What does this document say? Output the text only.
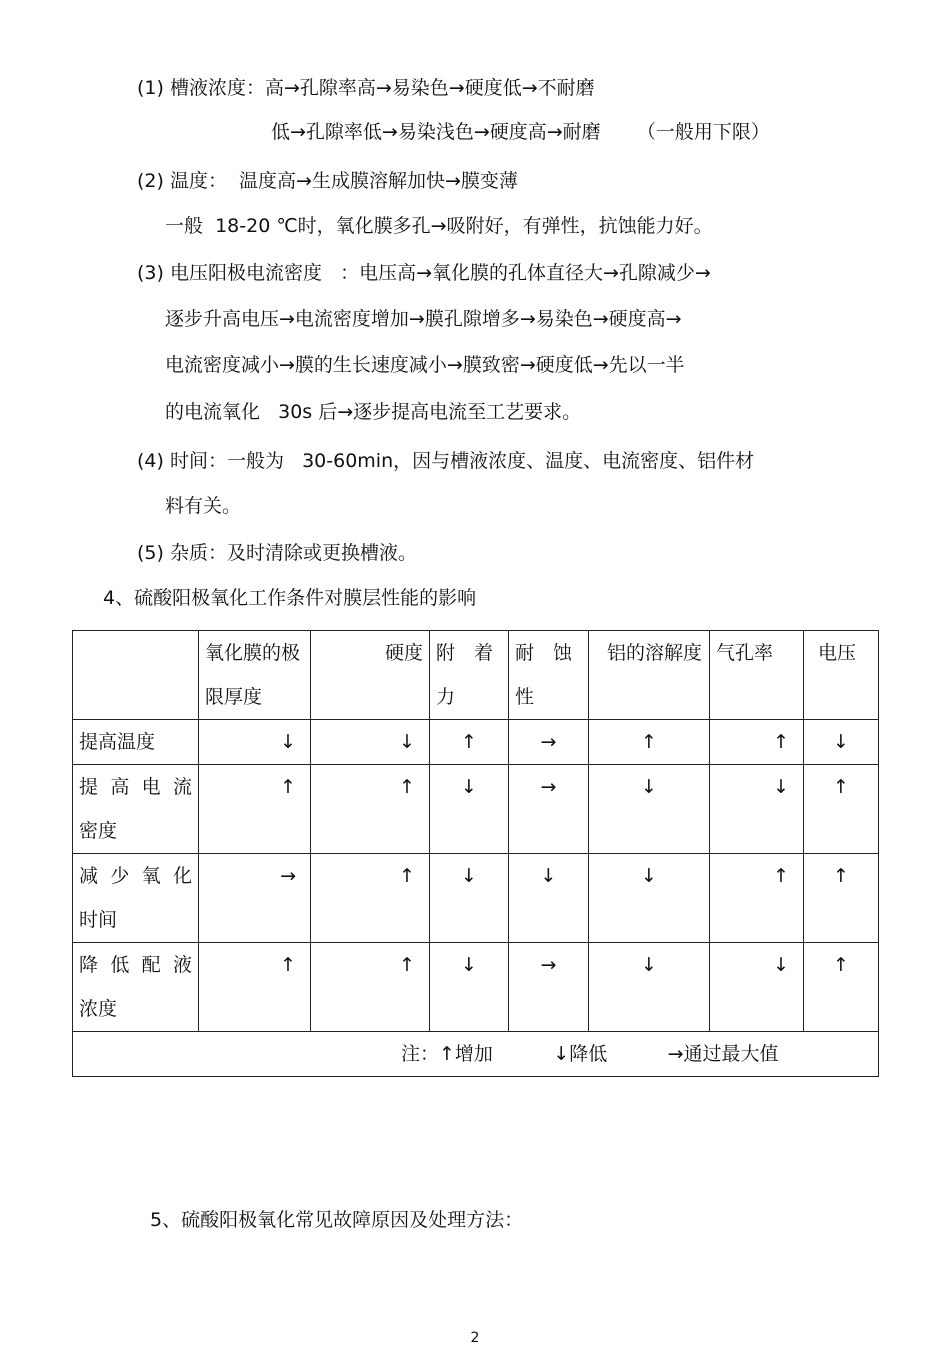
(1) 槽液浓度：高→孔隙率高→易染色→硬度低→不耐磨
低→孔隙率低→易染浅色→硬度高→耐磨      （一般用下限）
(2) 温度：  温度高→生成膜溶解加快→膜变薄
一般  18-20 ℃时，氧化膜多孔→吸附好，有弹性，抗蚀能力好。
(3) 电压阳极电流密度   ：电压高→氧化膜的孔体直径大→孔隙减少→
逐步升高电压→电流密度增加→膜孔隙增多→易染色→硬度高→
电流密度减小→膜的生长速度减小→膜致密→硬度低→先以一半
的电流氧化   30s 后→逐步提高电流至工艺要求。
(4) 时间：一般为   30-60min，因与槽液浓度、温度、电流密度、铝件材
料有关。
(5) 杂质：及时清除或更换槽液。
4、硫酸阳极氧化工作条件对膜层性能的影响
	氧化膜的极限厚度	硬度	附　着力	耐　蚀性	铝的溶解度	气孔率	电压
提高温度	↓	↓	↑	→	↑	↑	↓
提 高 电 流密度	↑	↑	↓	→	↓	↓	↑
减 少 氧 化时间	→	↑	↓	↓	↓	↑	↑
降 低 配 液浓度	↑	↑	↓	→	↓	↓	↑
注：↑增加          ↓降低          →通过最大值							
5、硫酸阳极氧化常见故障原因及处理方法：
2
